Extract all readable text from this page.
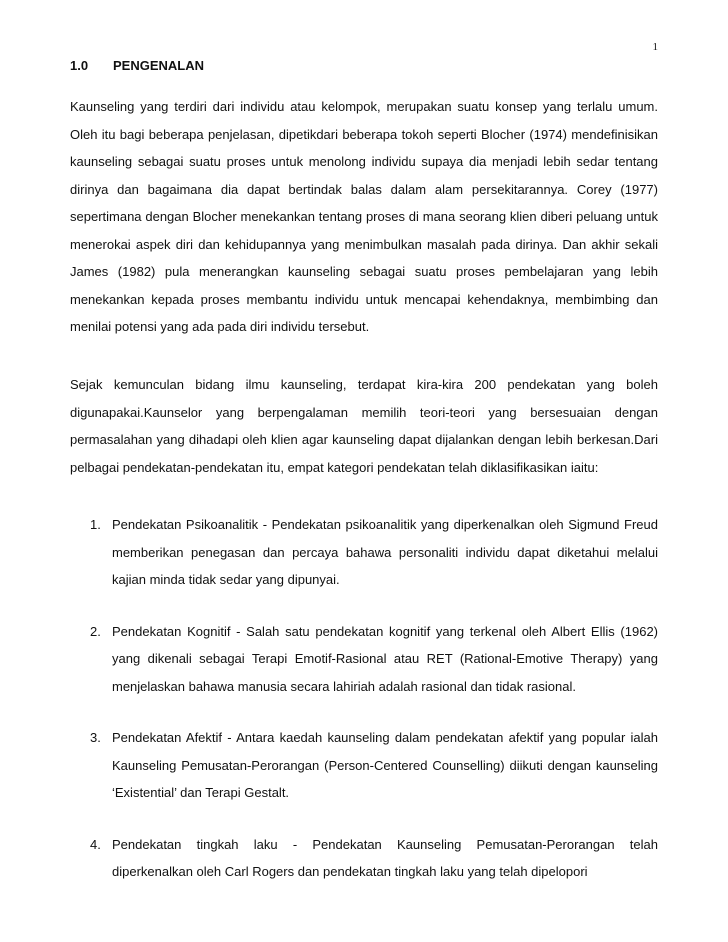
1
1.0 PENGENALAN

Kaunseling yang terdiri dari individu atau kelompok, merupakan suatu konsep yang terlalu umum. Oleh itu bagi beberapa penjelasan, dipetikdari beberapa tokoh seperti Blocher (1974) mendefinisikan kaunseling sebagai suatu proses untuk menolong individu supaya dia menjadi lebih sedar tentang dirinya dan bagaimana dia dapat bertindak balas dalam alam persekitarannya. Corey (1977) sepertimana dengan Blocher menekankan tentang proses di mana seorang klien diberi peluang untuk menerokai aspek diri dan kehidupannya yang menimbulkan masalah pada dirinya. Dan akhir sekali James (1982) pula menerangkan kaunseling sebagai suatu proses pembelajaran yang lebih menekankan kepada proses membantu individu untuk mencapai kehendaknya, membimbing dan menilai potensi yang ada pada diri individu tersebut.

Sejak kemunculan bidang ilmu kaunseling, terdapat kira-kira 200 pendekatan yang boleh digunapakai.Kaunselor yang berpengalaman memilih teori-teori yang bersesuaian dengan permasalahan yang dihadapi oleh klien agar kaunseling dapat dijalankan dengan lebih berkesan.Dari pelbagai pendekatan-pendekatan itu, empat kategori pendekatan telah diklasifikasikan iaitu:

1. Pendekatan Psikoanalitik - Pendekatan psikoanalitik yang diperkenalkan oleh Sigmund Freud memberikan penegasan dan percaya bahawa personaliti individu dapat diketahui melalui kajian minda tidak sedar yang dipunyai.
2. Pendekatan Kognitif - Salah satu pendekatan kognitif yang terkenal oleh Albert Ellis (1962) yang dikenali sebagai Terapi Emotif-Rasional atau RET (Rational-Emotive Therapy) yang menjelaskan bahawa manusia secara lahiriah adalah rasional dan tidak rasional.
3. Pendekatan Afektif - Antara kaedah kaunseling dalam pendekatan afektif yang popular ialah Kaunseling Pemusatan-Perorangan (Person-Centered Counselling) diikuti dengan kaunseling ‘Existential’ dan Terapi Gestalt.
4. Pendekatan tingkah laku - Pendekatan Kaunseling Pemusatan-Perorangan telah diperkenalkan oleh Carl Rogers dan pendekatan tingkah laku yang telah dipelopori
